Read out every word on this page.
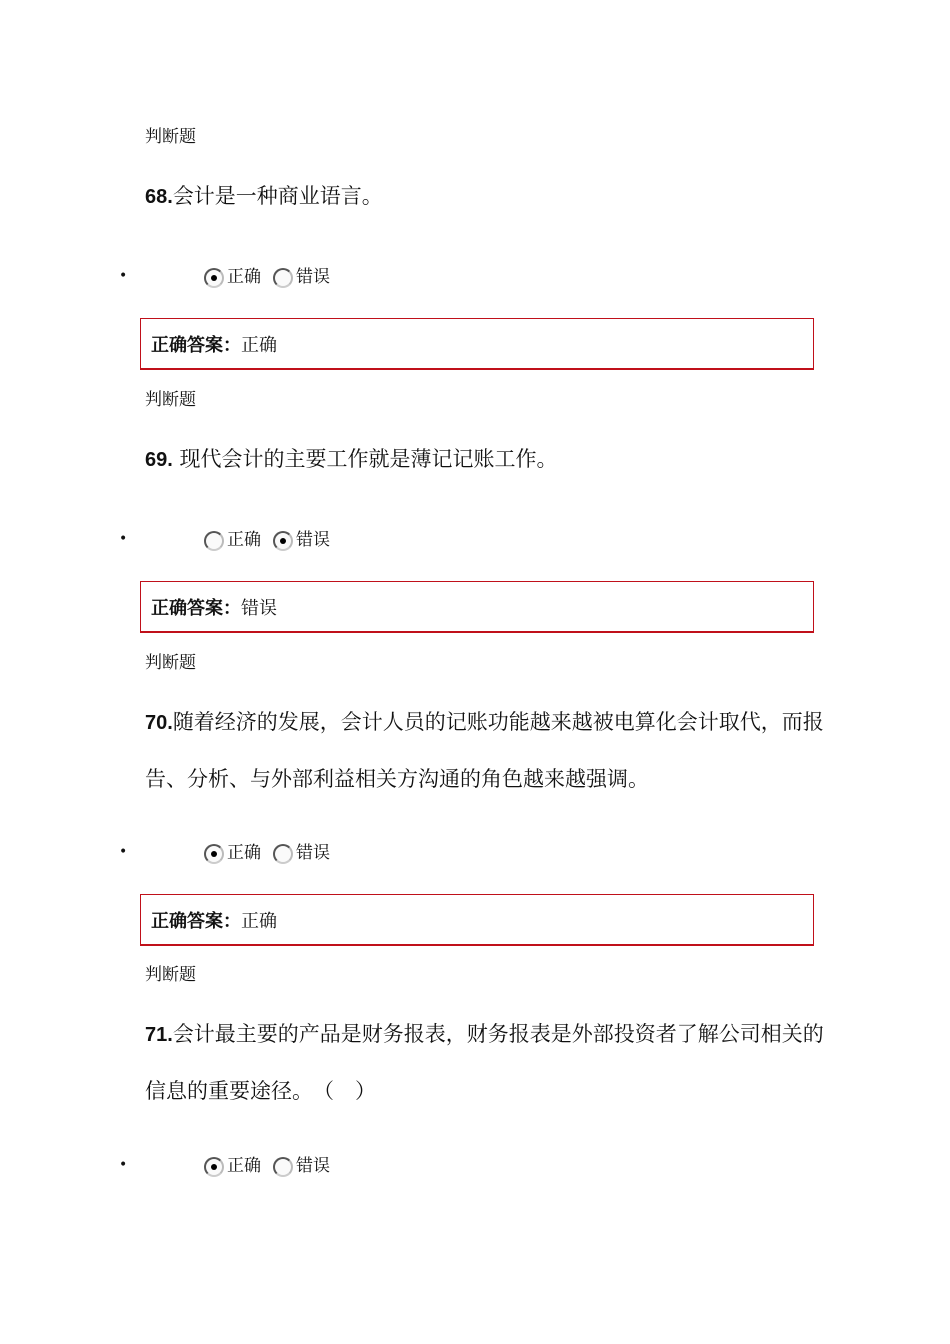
判断题
68.会计是一种商业语言。
•	正确 错误
正确答案： 正确
判断题
69. 现代会计的主要工作就是薄记记账工作。
•	正确 错误
正确答案： 错误
判断题
70.随着经济的发展，会计人员的记账功能越来越被电算化会计取代，而报告、分析、与外部利益相关方沟通的角色越来越强调。
•	正确 错误
正确答案： 正确
判断题
71.会计最主要的产品是财务报表，财务报表是外部投资者了解公司相关的信息的重要途径。　（　）
•	正确 错误
